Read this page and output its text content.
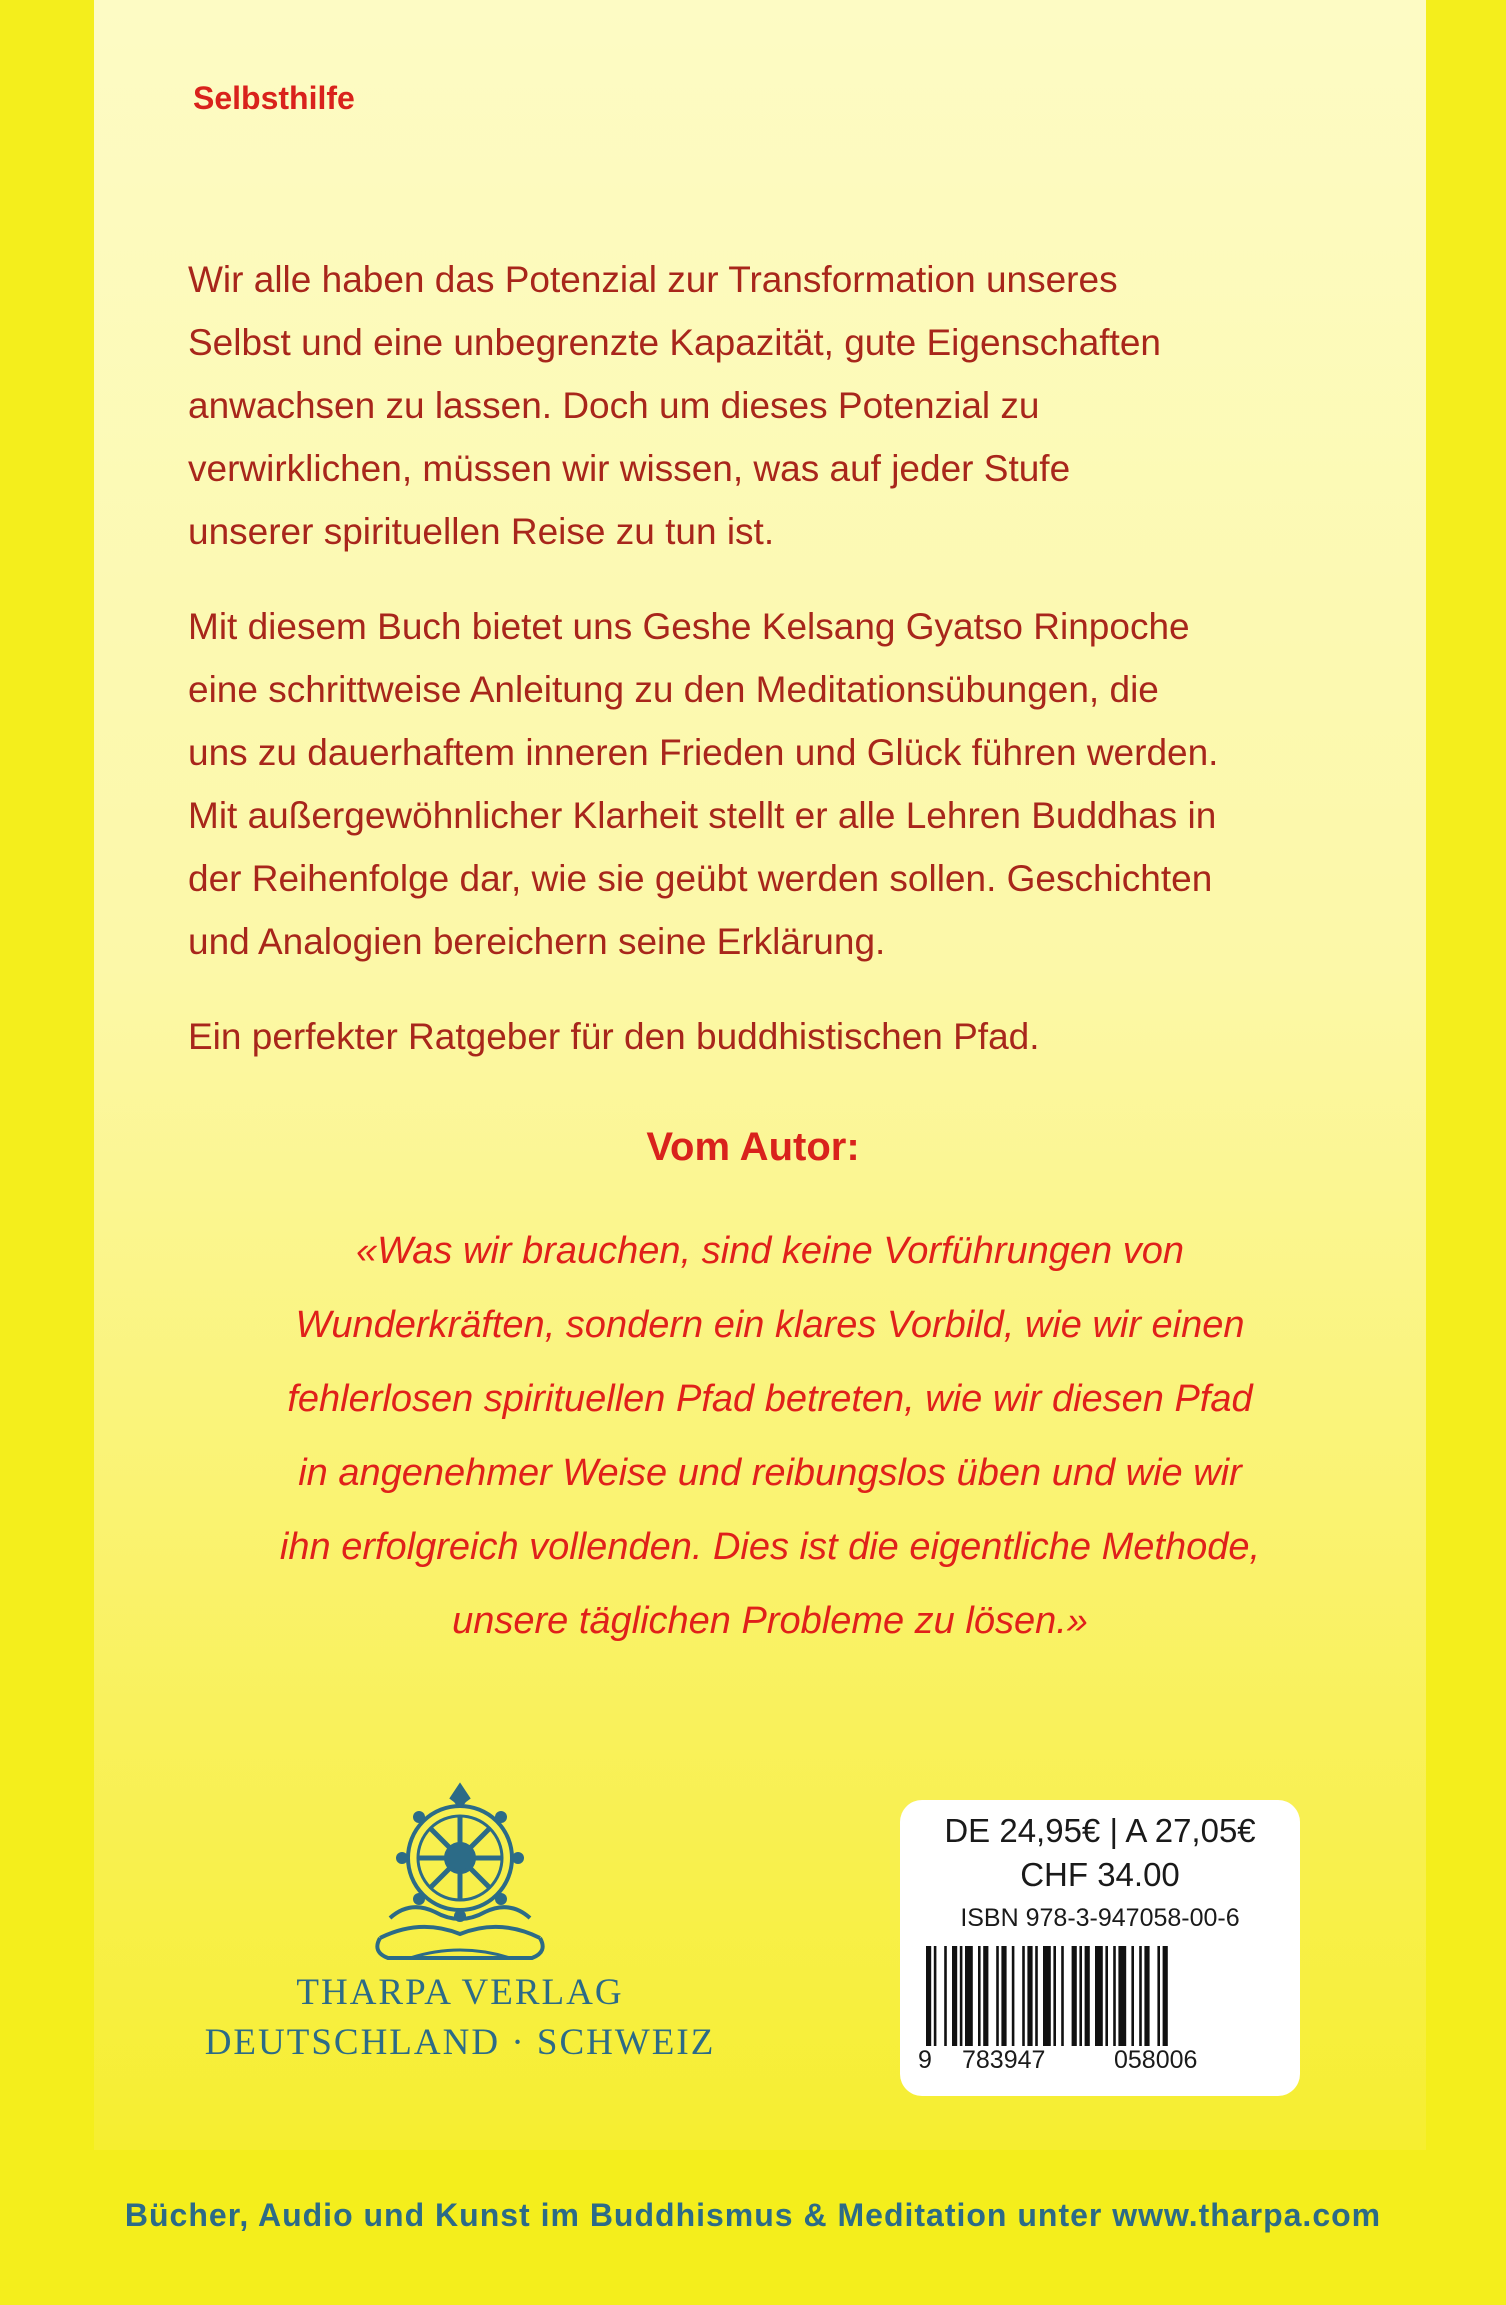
Selbsthilfe

Wir alle haben das Potenzial zur Transformation unseres
Selbst und eine unbegrenzte Kapazität, gute Eigenschaften
anwachsen zu lassen. Doch um dieses Potenzial zu
verwirklichen, müssen wir wissen, was auf jeder Stufe
unserer spirituellen Reise zu tun ist.

Mit diesem Buch bietet uns Geshe Kelsang Gyatso Rinpoche
eine schrittweise Anleitung zu den Meditationsübungen, die
uns zu dauerhaftem inneren Frieden und Glück führen werden.
Mit außergewöhnlicher Klarheit stellt er alle Lehren Buddhas in
der Reihenfolge dar, wie sie geübt werden sollen. Geschichten
und Analogien bereichern seine Erklärung.

Ein perfekter Ratgeber für den buddhistischen Pfad.

Vom Autor:
«Was wir brauchen, sind keine Vorführungen von
Wunderkräften, sondern ein klares Vorbild, wie wir einen
fehlerlosen spirituellen Pfad betreten, wie wir diesen Pfad
in angenehmer Weise und reibungslos üben und wie wir
ihn erfolgreich vollenden. Dies ist die eigentliche Methode,
unsere täglichen Probleme zu lösen.»
THARPA VERLAG
DEUTSCHLAND · SCHWEIZ
DE 24,95€ | A 27,05€
CHF 34.00
ISBN 978-3-947058-00-6
9 783947	058006
Bücher, Audio und Kunst im Buddhismus & Meditation unter www.tharpa.com
